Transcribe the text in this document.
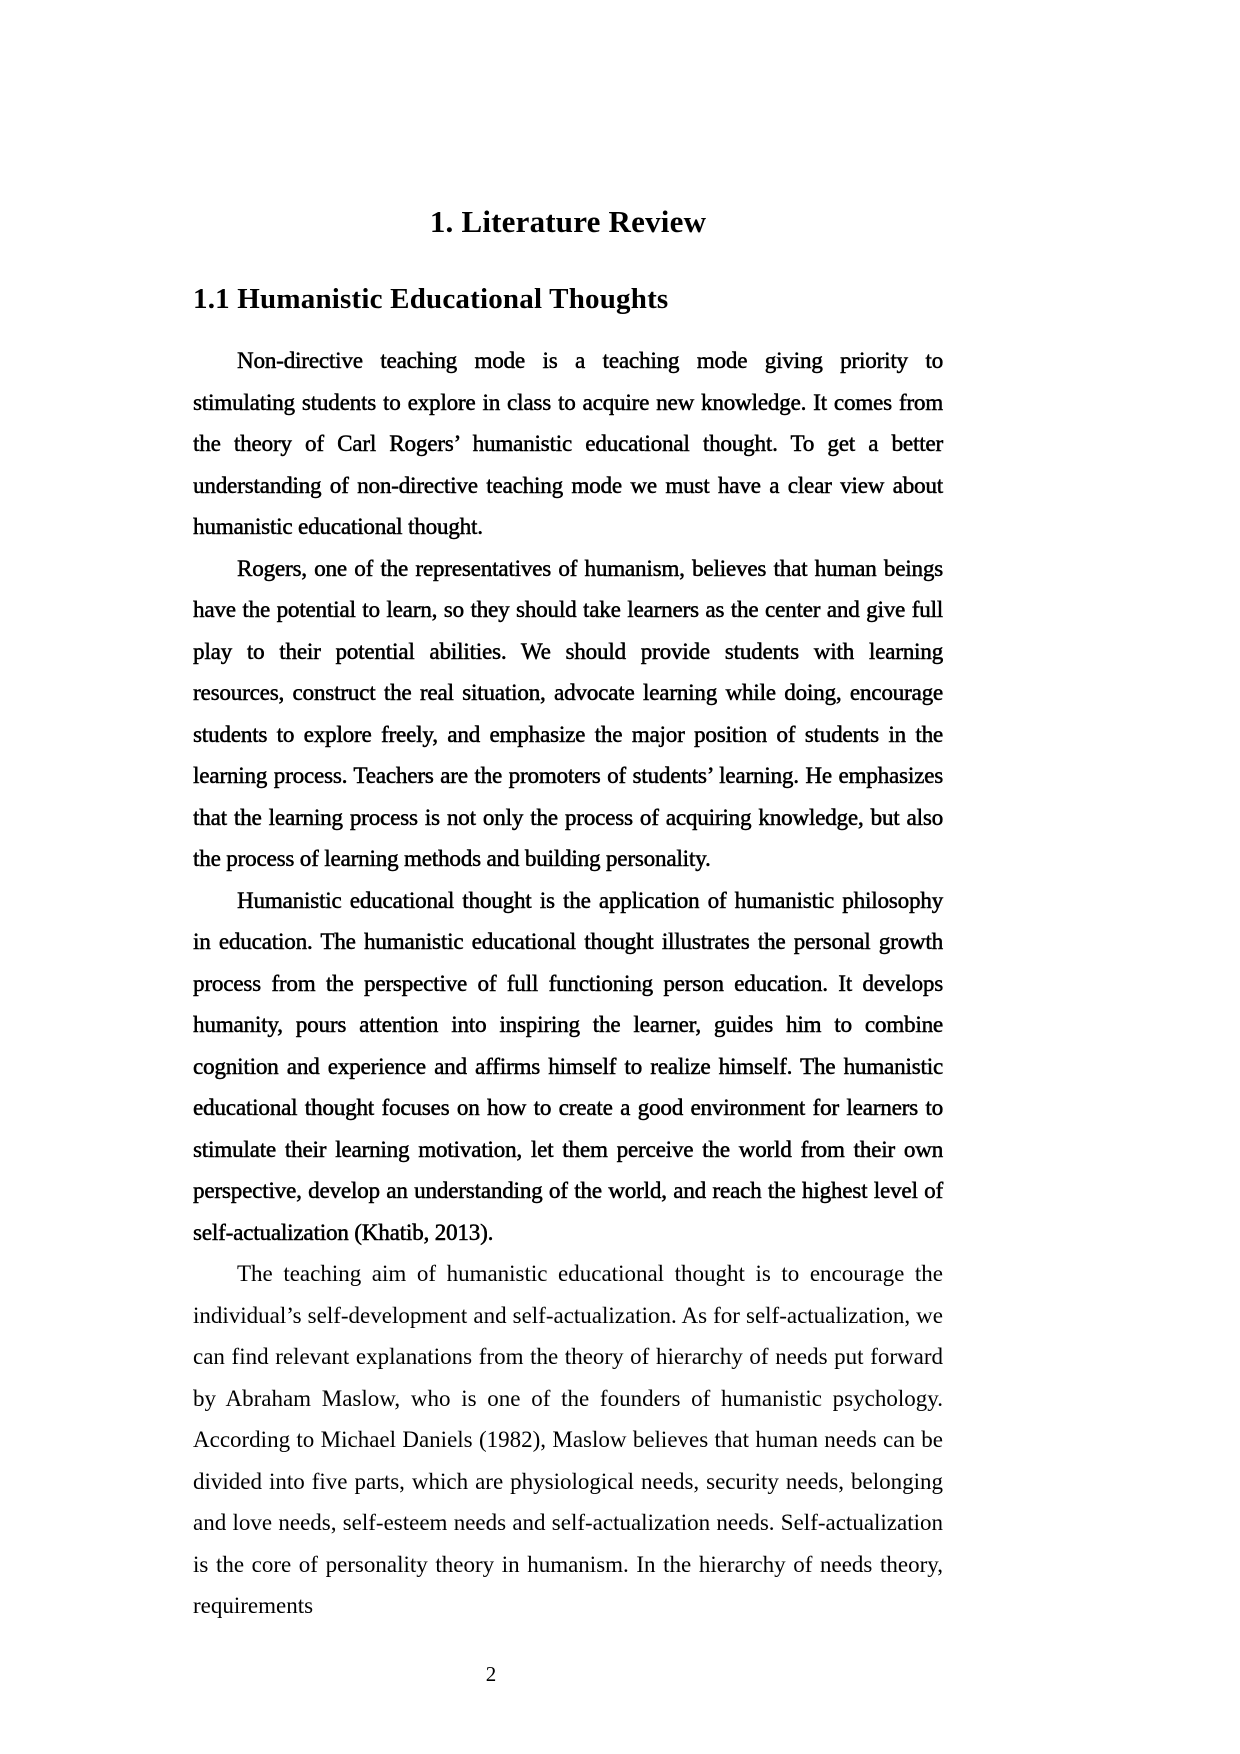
1. Literature Review
1.1 Humanistic Educational Thoughts

Non-directive teaching mode is a teaching mode giving priority to stimulating students to explore in class to acquire new knowledge. It comes from the theory of Carl Rogers’ humanistic educational thought. To get a better understanding of non-directive teaching mode we must have a clear view about humanistic educational thought.

Rogers, one of the representatives of humanism, believes that human beings have the potential to learn, so they should take learners as the center and give full play to their potential abilities. We should provide students with learning resources, construct the real situation, advocate learning while doing, encourage students to explore freely, and emphasize the major position of students in the learning process. Teachers are the promoters of students’ learning. He emphasizes that the learning process is not only the process of acquiring knowledge, but also the process of learning methods and building personality.

Humanistic educational thought is the application of humanistic philosophy in education. The humanistic educational thought illustrates the personal growth process from the perspective of full functioning person education. It develops humanity, pours attention into inspiring the learner, guides him to combine cognition and experience and affirms himself to realize himself. The humanistic educational thought focuses on how to create a good environment for learners to stimulate their learning motivation, let them perceive the world from their own perspective, develop an understanding of the world, and reach the highest level of self-actualization (Khatib, 2013).

The teaching aim of humanistic educational thought is to encourage the individual’s self-development and self-actualization. As for self-actualization, we can find relevant explanations from the theory of hierarchy of needs put forward by Abraham Maslow, who is one of the founders of humanistic psychology. According to Michael Daniels (1982), Maslow believes that human needs can be divided into five parts, which are physiological needs, security needs, belonging and love needs, self-esteem needs and self-actualization needs. Self-actualization is the core of personality theory in humanism. In the hierarchy of needs theory, requirements

2
